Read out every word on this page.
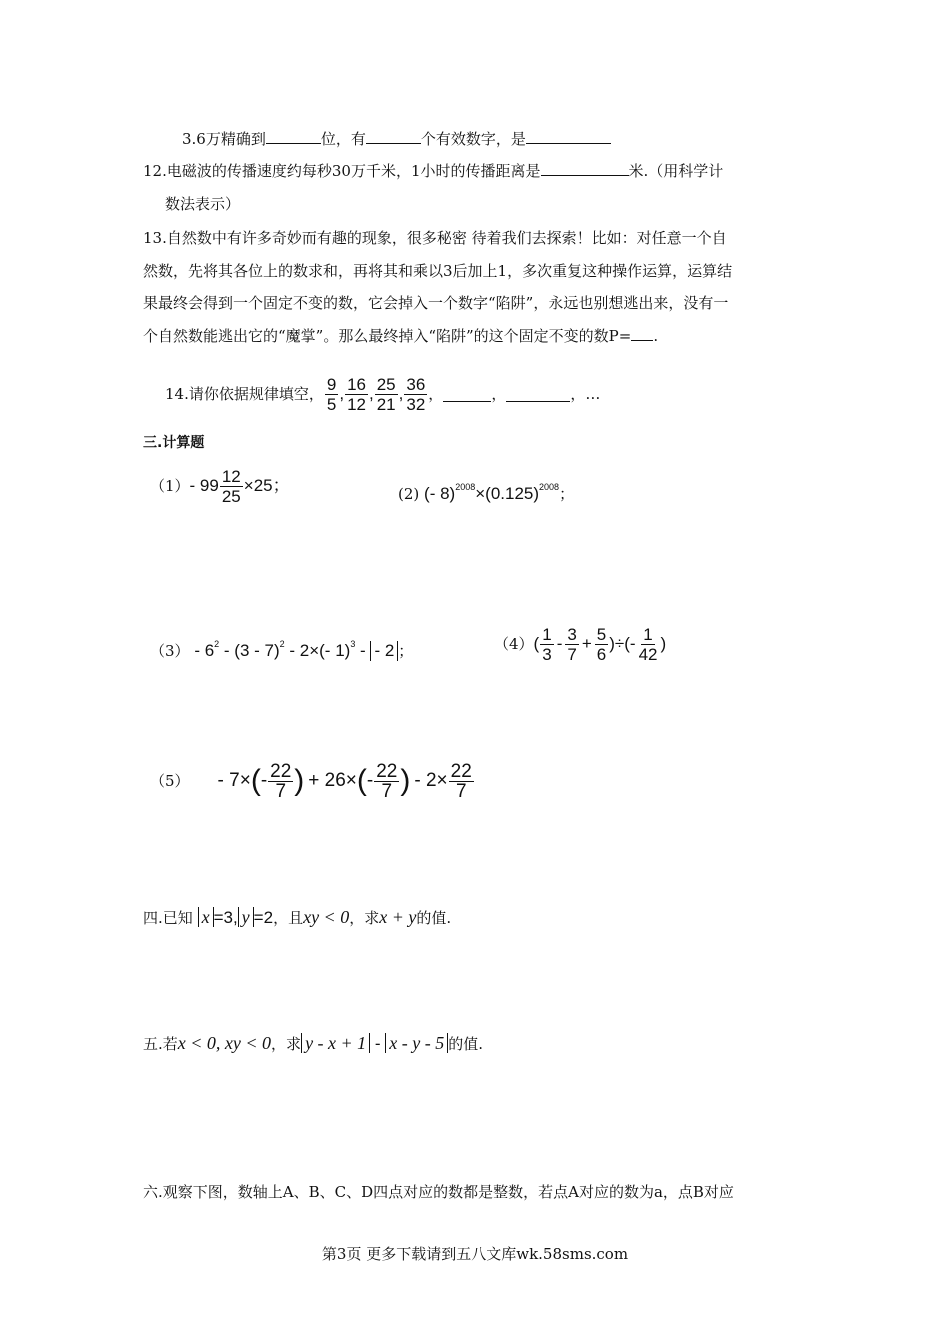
3.6万精确到	位，有	个有效数字，是
12.电磁波的传播速度约每秒30万千米，1小时的传播距离是	米.（用科学计
数法表示）
13.自然数中有许多奇妙而有趣的现象，很多秘密 待着我们去探索！比如：对任意一个自
然数，先将其各位上的数求和，再将其和乘以3后加上1，多次重复这种操作运算，运算结
果最终会得到一个固定不变的数，它会掉入一个数字“陷阱”，永远也别想逃出来，没有一
个自然数能逃出它的“魔掌”。那么最终掉入“陷阱”的这个固定不变的数P= .
14.请你依据规律填空， $\frac{9}{5}$ , $\frac{16}{12}$ , $\frac{25}{21}$ , $\frac{36}{32}$ ，	，	，…
三.计算题
$(1) - 99 \frac{12}{25} \times 25$；	(2) (- $8)^{2008}\times(0.125)^{2008}$；
$(3) - 6^2 - (3 - 7)^2 - 2\times(-$ 1)$^3$ - - 2 ；	（4） ( $\frac{1}{3} - \frac{3}{7} + \frac{5}{6}$ )÷(- $\frac{1}{42}$ )
（5） - 7× ( - $\frac{22}{7}$ ) + 26× ( - $\frac{22}{7}$ ) - $2\times \frac{22}{7}$
四.已知 x =3, y =2，且xy < 0，求x + y的值.
五.若x < 0, xy < 0，求 y - x + 1 - x - y - 5 的值.
六.观察下图，数轴上A、B、C、D四点对应的数都是整数，若点A对应的数为a，点B对应
第3页 更多下载请到五八文库wk.58sms.com
